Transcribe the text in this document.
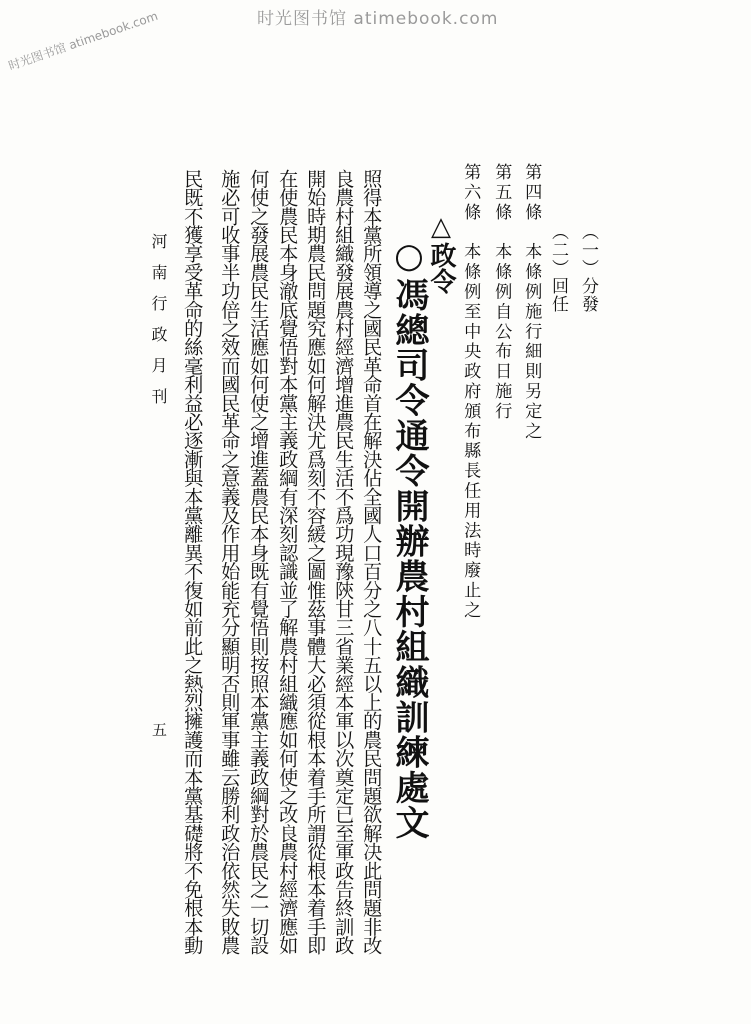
时光图书馆 atimebook.com
时光图书馆 atimebook.com
（一）分發
（二）回任
第四條　本條例施行細則另定之
第五條　本條例自公布日施行
第六條　本條例至中央政府頒布縣長任用法時廢止之
△政令
○馮總司令通令開辦農村組織訓練處文
照得本黨所領導之國民革命首在解決佔全國人口百分之八十五以上的農民問題欲解决此問題非改
良農村組織發展農村經濟增進農民生活不爲功現豫陝甘三省業經本軍以次奠定已至軍政告終訓政
開始時期農民問題究應如何解決尤爲刻不容緩之圖惟茲事體大必須從根本着手所謂從根本着手即
在使農民本身澈底覺悟對本黨主義政綱有深刻認識並了解農村組織應如何使之改良農村經濟應如
何使之發展農民生活應如何使之增進蓋農民本身既有覺悟則按照本黨主義政綱對於農民之一切設
施必可收事半功倍之效而國民革命之意義及作用始能充分顯明否則軍事雖云勝利政治依然失敗農
民既不獲享受革命的絲毫利益必逐漸與本黨離異不復如前此之熱烈擁護而本黨基礎將不免根本動
河南行政月刊
五
